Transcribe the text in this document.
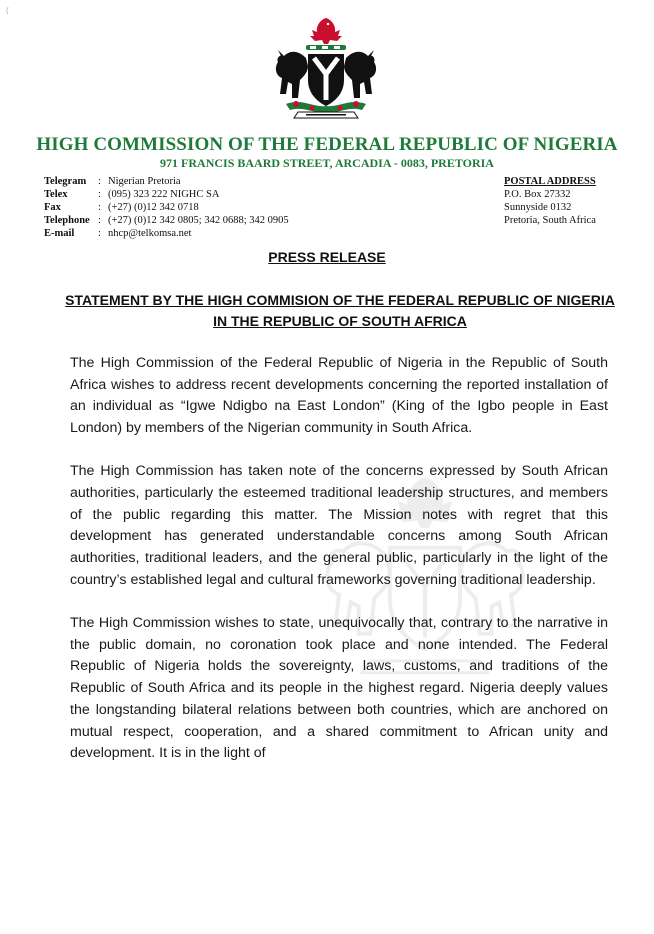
(
HIGH COMMISSION OF THE FEDERAL REPUBLIC OF NIGERIA
971 FRANCIS BAARD STREET, ARCADIA - 0083, PRETORIA
Telegram	: Nigerian Pretoria
Telex	: (095) 323 222 NIGHC SA
Fax	: (+27) (0)12 342 0718
Telephone : (+27) (0)12 342 0805; 342 0688; 342 0905
E-mail	: nhcp@telkomsa.net
POSTAL ADDRESS
P.O. Box 27332
Sunnyside 0132
Pretoria, South Africa
PRESS RELEASE
STATEMENT BY THE HIGH COMMISION OF THE FEDERAL REPUBLIC OF NIGERIA IN THE REPUBLIC OF SOUTH AFRICA

The High Commission of the Federal Republic of Nigeria in the Republic of South Africa wishes to address recent developments concerning the reported installation of an individual as “Igwe Ndigbo na East London” (King of the Igbo people in East London) by members of the Nigerian community in South Africa.

The High Commission has taken note of the concerns expressed by South African authorities, particularly the esteemed traditional leadership structures, and members of the public regarding this matter. The Mission notes with regret that this development has generated understandable concerns among South African authorities, traditional leaders, and the general public, particularly in the light of the country’s established legal and cultural frameworks governing traditional leadership.

The High Commission wishes to state, unequivocally that, contrary to the narrative in the public domain, no coronation took place and none intended. The Federal Republic of Nigeria holds the sovereignty, laws, customs, and traditions of the Republic of South Africa and its people in the highest regard. Nigeria deeply values the longstanding bilateral relations between both countries, which are anchored on mutual respect, cooperation, and a shared commitment to African unity and development. It is in the light of
